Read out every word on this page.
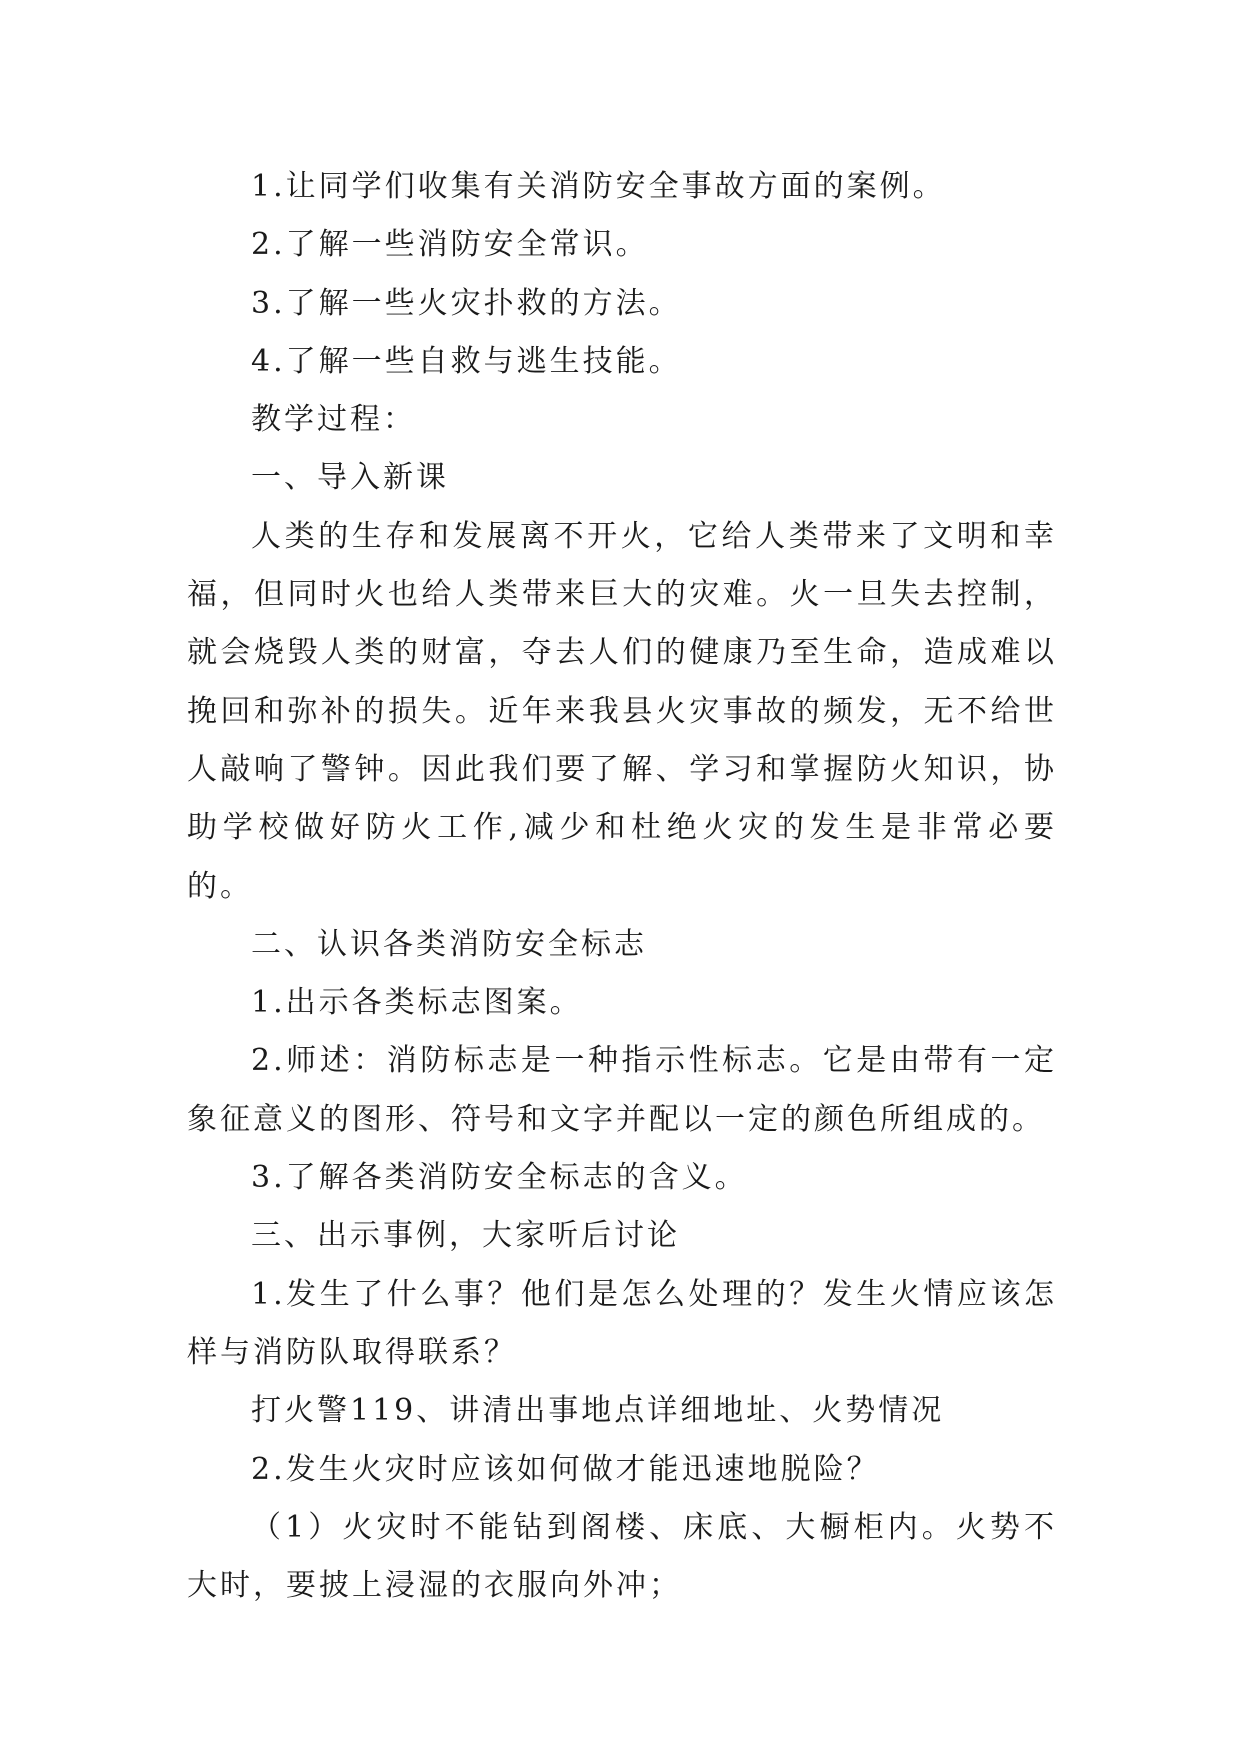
1.让同学们收集有关消防安全事故方面的案例。

2.了解一些消防安全常识。

3.了解一些火灾扑救的方法。

4.了解一些自救与逃生技能。

教学过程：

一、导入新课

人类的生存和发展离不开火，它给人类带来了文明和幸福，但同时火也给人类带来巨大的灾难。火一旦失去控制，就会烧毁人类的财富，夺去人们的健康乃至生命，造成难以挽回和弥补的损失。近年来我县火灾事故的频发，无不给世人敲响了警钟。因此我们要了解、学习和掌握防火知识，协助学校做好防火工作,减少和杜绝火灾的发生是非常必要的。

二、认识各类消防安全标志

1.出示各类标志图案。

2.师述：消防标志是一种指示性标志。它是由带有一定象征意义的图形、符号和文字并配以一定的颜色所组成的。

3.了解各类消防安全标志的含义。

三、出示事例，大家听后讨论

1.发生了什么事？他们是怎么处理的？发生火情应该怎样与消防队取得联系？

打火警119、讲清出事地点详细地址、火势情况

2.发生火灾时应该如何做才能迅速地脱险？

（1）火灾时不能钻到阁楼、床底、大橱柜内。火势不大时，要披上浸湿的衣服向外冲；
